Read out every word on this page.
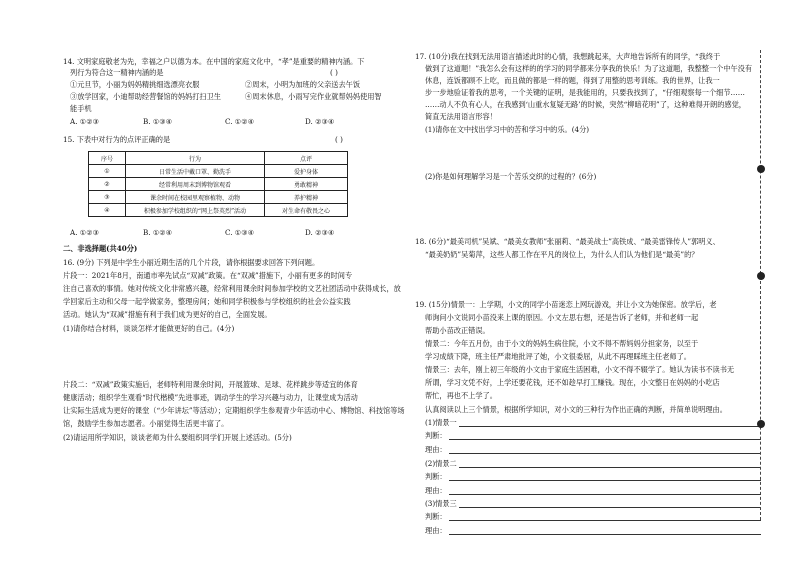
14. 文明家庭敬老为先，幸福之户以德为本。在中国的家庭文化中，“孝”是重要的精神内涵。下
列行为符合这一精神内涵的是	( )
①元旦节，小丽为妈妈精挑细选漂亮衣服	②周末，小明为加班的父亲送去午饭
③放学回家，小迪帮助经营餐馆的妈妈打扫卫生	④周末休息，小雨写完作业就帮妈妈使用智
能手机
A. ①②③	B. ①③④	C. ①②④	D. ②③④
15. 下表中对行为的点评正确的是	( )
序号	行为	点评
①	日常生活中戴口罩、勤洗手	爱护身体
②	经常利用周末到博物馆观看	勇敢精神
③	课余时间在校园里观察植物、动物	养护精神
④	积极参加学校组织的“网上祭英烈”活动	对生命有敬畏之心
A. ①②③	B. ①②④	C. ①③④	D. ②③④
二、非选择题(共40分)
16. (9分) 下列是中学生小丽近期生活的几个片段，请你根据要求回答下列问题。
片段一：2021年8月，南通市率先试点“双减”政策。在“双减”措施下，小丽有更多的时间专
注自己喜欢的事情。她对传统文化非常感兴趣，经常利用课余时间参加学校的文艺社团活动中获得成长，放
学回家后主动和父母一起学做家务，整理房间；她和同学积极参与学校组织的社会公益实践
活动。她认为“双减”措施有利于我们成为更好的自己，全面发展。
(1)请你结合材料，谈谈怎样才能做更好的自己。(4分)
片段二：“双减”政策实施后，老师特利用课余时间，开展篮球、足球、花样跳步等适宜的体育
健康活动；组织学生观看“时代楷模”先进事迹，调动学生的学习兴趣与动力，让课堂成为活动
让实际生活成为更好的课堂（“少年讲坛”等活动）；定期组织学生参观青少年活动中心、博物馆、科技馆等场
馆，鼓励学生参加志愿者。小丽觉得生活更丰富了。
(2)请运用所学知识，谈谈老师为什么要组织同学们开展上述活动。(5分)
17. (10分)我在找到无法用语言描述此时的心情，我想跳起来，大声地告诉所有的同学，“我终于
做到了这道题！”我怎么会有这样的的学习的同学都来分享我的快乐！为了这道题，我整整一个中午没有
休息，连饭都顾不上吃，而且做的都是一样的题，得到了用整的思考训练。我的世界，让我一
步一步地验证着我的思考，一个关键的证明，是我能用的，只要我找到了，“仔细观察每一个细节……
……动人不负有心人，在我感到‘山重水复疑无路’的时候，突然“柳暗花明”了，这种难得开朗的感觉，
简直无法用语言形容！
(1)请你在文中找出学习中的苦和学习中的乐。(4分)
(2)你是如何理解学习是一个苦乐交织的过程的？(6分)
18. (6分)“最美司机”吴斌、“最美女教师”张丽莉、“最美战士”高铁成、“最美雷锋传人”郭明义、
“最美奶奶”吴菊萍，这些人都工作在平凡的岗位上，为什么人们认为他们是“最美”的？
19. (15分)情景一：上学期，小文的同学小苗迷恋上网玩游戏，并让小文为她保密。放学后，老
师询问小文说同小苗没来上课的原因。小文左思右想，还是告诉了老师，并和老师一起
帮助小苗改正错误。
情景二：今年五月份，由于小文的妈妈生病住院，小文不得不帮妈妈分担家务，以至于
学习成绩下降，班主任严肃地批评了她，小文很委屈，从此不再理睬班主任老师了。
情景三：去年，刚上初三年级的小文由于家庭生活困难，小文不得不辍学了。她认为读书不读书无
所谓，学习文凭不好，上学还要花钱，还不如趁早打工赚钱。现在，小文整日在妈妈的小吃店
帮忙，再也不上学了。
认真阅读以上三个情景，根据所学知识，对小文的三种行为作出正确的判断，并简单说明理由。
(1)情景一
判断：
理由：
(2)情景二
判断：
理由：
(3)情景三
判断：
理由：
